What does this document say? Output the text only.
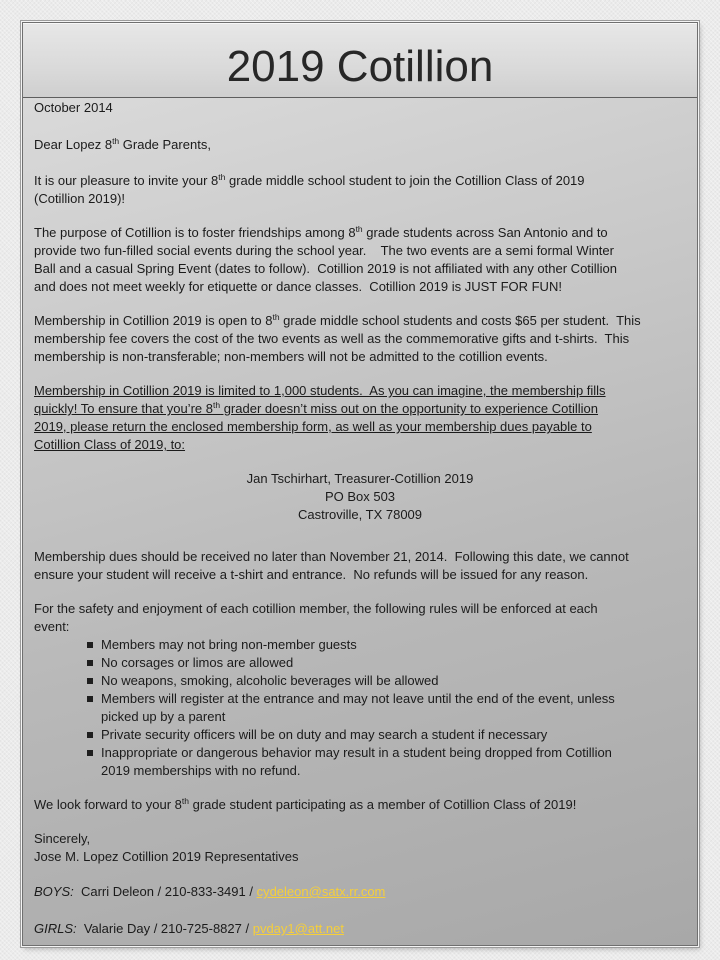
2019 Cotillion
October 2014
Dear Lopez 8th Grade Parents,
It is our pleasure to invite your 8th grade middle school student to join the Cotillion Class of 2019
(Cotillion 2019)!
The purpose of Cotillion is to foster friendships among 8th grade students across San Antonio and to
provide two fun-filled social events during the school year.    The two events are a semi formal Winter
Ball and a casual Spring Event (dates to follow).  Cotillion 2019 is not affiliated with any other Cotillion
and does not meet weekly for etiquette or dance classes.  Cotillion 2019 is JUST FOR FUN!
Membership in Cotillion 2019 is open to 8th grade middle school students and costs $65 per student.  This
membership fee covers the cost of the two events as well as the commemorative gifts and t-shirts.  This
membership is non-transferable; non-members will not be admitted to the cotillion events.
Membership in Cotillion 2019 is limited to 1,000 students.  As you can imagine, the membership fills
quickly! To ensure that you’re 8th grader doesn’t miss out on the opportunity to experience Cotillion
2019, please return the enclosed membership form, as well as your membership dues payable to
Cotillion Class of 2019, to:
Jan Tschirhart, Treasurer-Cotillion 2019
PO Box 503
Castroville, TX 78009
Membership dues should be received no later than November 21, 2014.  Following this date, we cannot
ensure your student will receive a t-shirt and entrance.  No refunds will be issued for any reason.
For the safety and enjoyment of each cotillion member, the following rules will be enforced at each
event:
Members may not bring non-member guests
No corsages or limos are allowed
No weapons, smoking, alcoholic beverages will be allowed
Members will register at the entrance and may not leave until the end of the event, unless
picked up by a parent
Private security officers will be on duty and may search a student if necessary
Inappropriate or dangerous behavior may result in a student being dropped from Cotillion
2019 memberships with no refund.
We look forward to your 8th grade student participating as a member of Cotillion Class of 2019!
Sincerely,
Jose M. Lopez Cotillion 2019 Representatives
BOYS:  Carri Deleon / 210-833-3491 / cydeleon@satx.rr.com
GIRLS:  Valarie Day / 210-725-8827 / pvday1@att.net
